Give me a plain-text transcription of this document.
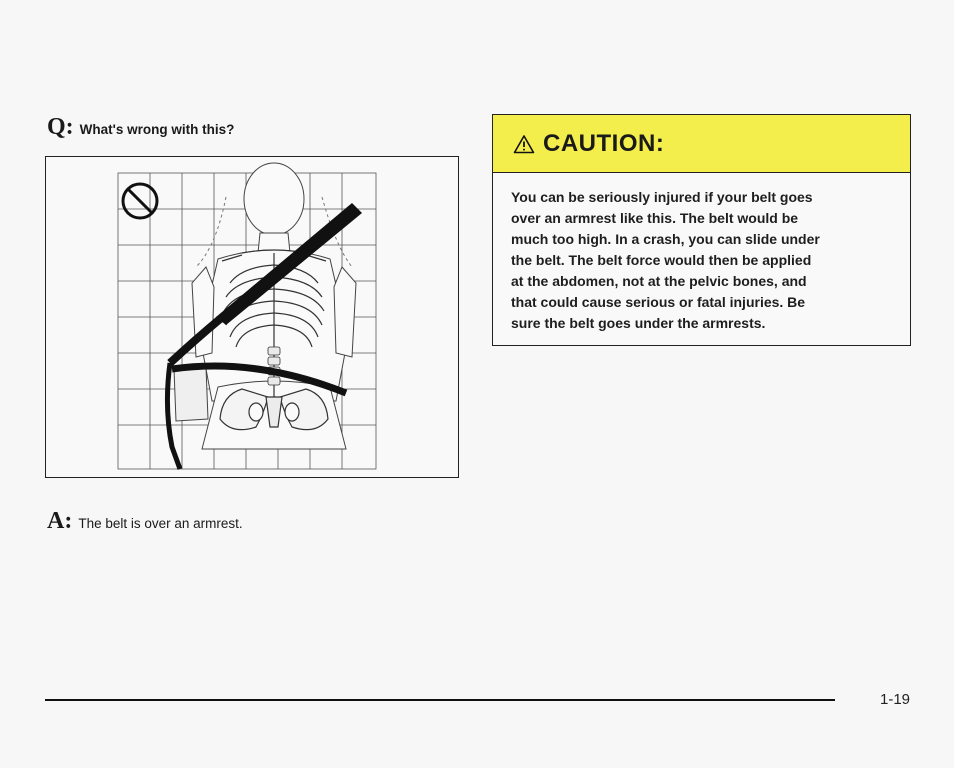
Q: What's wrong with this?
A: The belt is over an armrest.
CAUTION:
You can be seriously injured if your belt goes
over an armrest like this. The belt would be
much too high. In a crash, you can slide under
the belt. The belt force would then be applied
at the abdomen, not at the pelvic bones, and
that could cause serious or fatal injuries. Be
sure the belt goes under the armrests.
1-19
